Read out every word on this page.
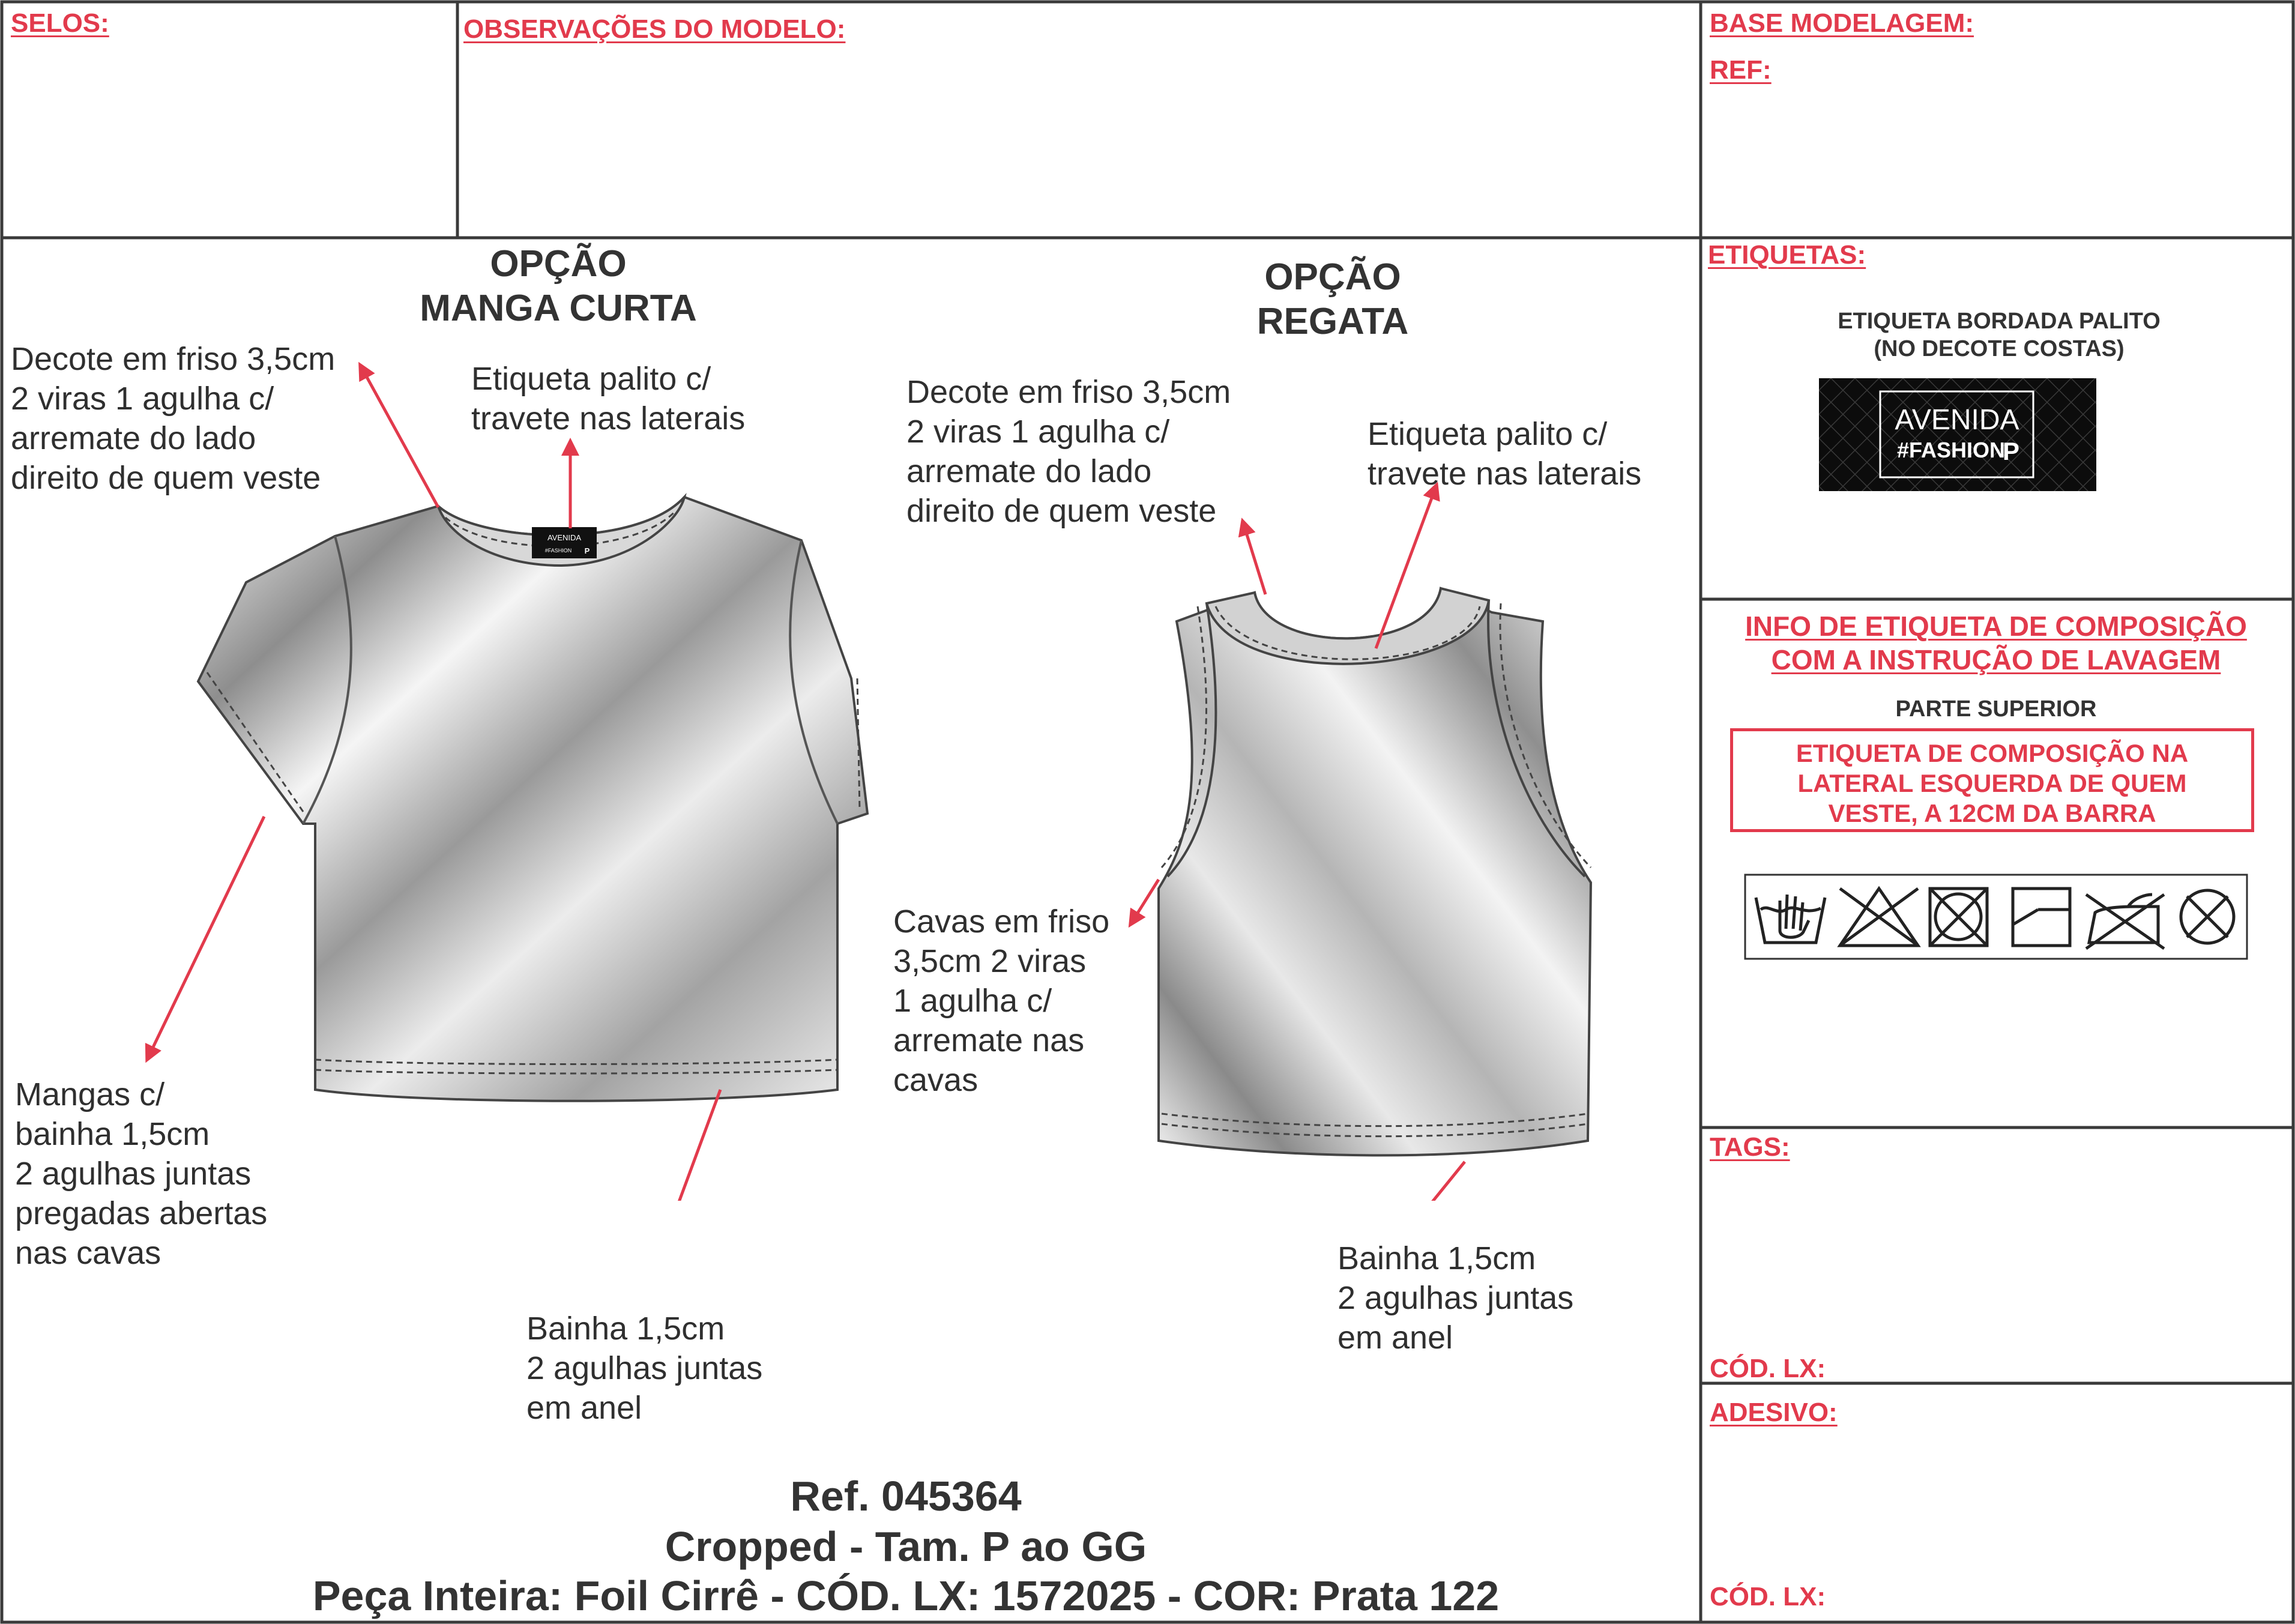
SELOS:	OBSERVAÇÕES DO MODELO:	BASE MODELAGEM:
REF:
OPÇÃO
MANGA CURTA
OPÇÃO
REGATA
AVENIDA
#FASHION P
Decote em friso 3,5cm
2 viras 1 agulha c/
arremate do lado
direito de quem veste
Etiqueta palito c/
travete nas laterais
Mangas c/
bainha 1,5cm
2 agulhas juntas
pregadas abertas
nas cavas
Bainha 1,5cm
2 agulhas juntas
em anel
Decote em friso 3,5cm
2 viras 1 agulha c/
arremate do lado
direito de quem veste
Etiqueta palito c/
travete nas laterais
Cavas em friso
3,5cm 2 viras
1 agulha c/
arremate nas
cavas
Bainha 1,5cm
2 agulhas juntas
em anel
Ref. 045364
Cropped - Tam. P ao GG
Peça Inteira: Foil Cirrê - CÓD. LX: 1572025 - COR: Prata 122
ETIQUETAS:
ETIQUETA BORDADA PALITO
(NO DECOTE COSTAS)
AVENIDA
#FASHION
P
INFO DE ETIQUETA DE COMPOSIÇÃO
COM A INSTRUÇÃO DE LAVAGEM
PARTE SUPERIOR
ETIQUETA DE COMPOSIÇÃO NA
LATERAL ESQUERDA DE QUEM
VESTE, A 12CM DA BARRA
TAGS:
CÓD. LX:
ADESIVO:
CÓD. LX:
